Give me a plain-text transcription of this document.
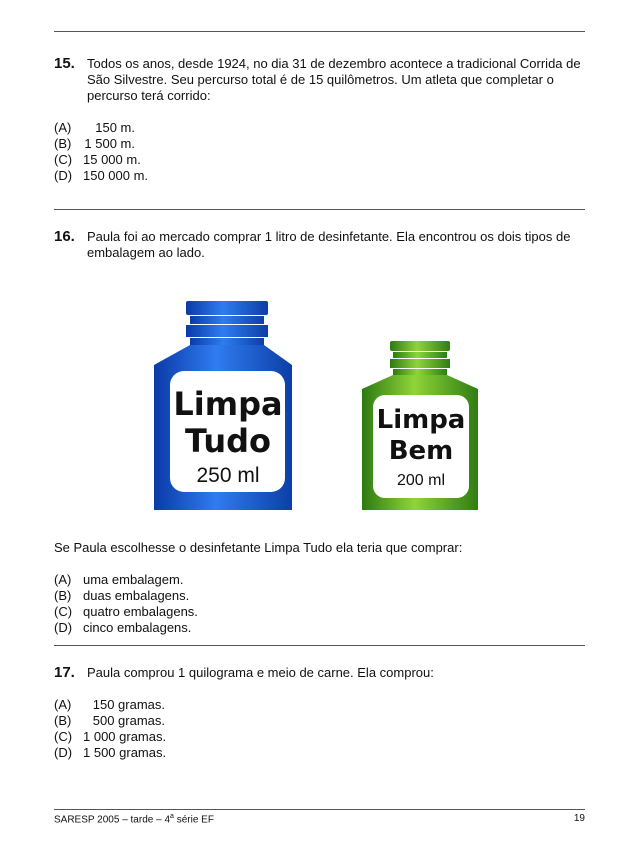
15. Todos os anos, desde 1924, no dia 31 de dezembro acontece a tradicional Corrida de São Silvestre. Seu percurso total é de 15 quilômetros. Um atleta que completar o percurso terá corrido:
(A)	150 m.
(B)	1 500 m.
(C) 15 000 m.
(D) 150 000 m.
16. Paula foi ao mercado comprar 1 litro de desinfetante. Ela encontrou os dois tipos de embalagem ao lado.
Limpa
Tudo
250 ml
Limpa
Bem
200 ml
Se Paula escolhesse o desinfetante Limpa Tudo ela teria que comprar:
(A) uma embalagem.
(B) duas embalagens.
(C) quatro embalagens.
(D) cinco embalagens.
17. Paula comprou 1 quilograma e meio de carne. Ela comprou:
(A)	150 gramas.
(B)	500 gramas.
(C) 1 000 gramas.
(D) 1 500 gramas.
SARESP 2005 – tarde – 4$^a$ série EF	19
